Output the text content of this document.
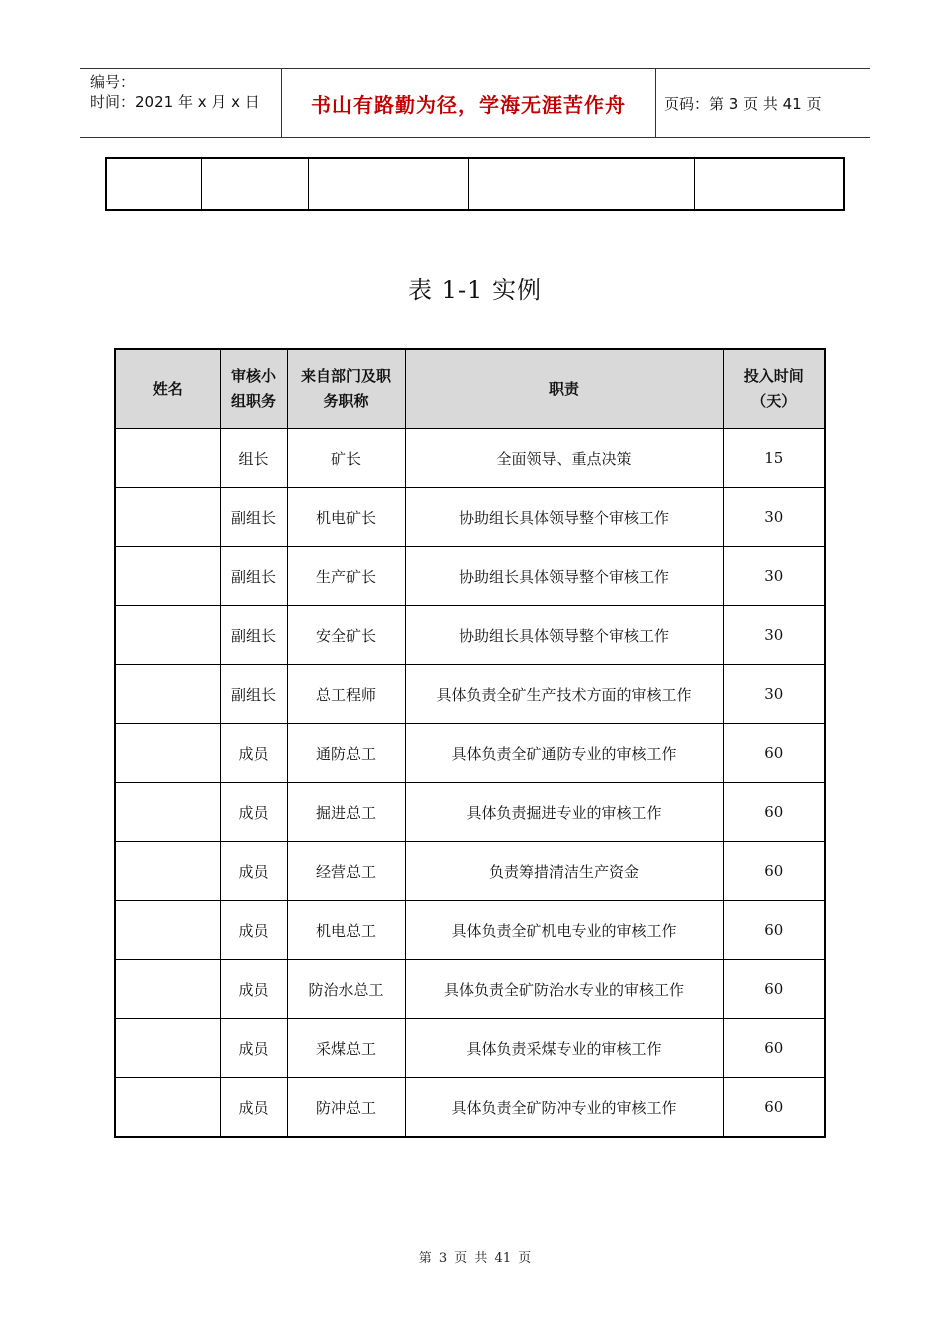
编号：
时间：2021 年 x 月 x 日	书山有路勤为径，学海无涯苦作舟	页码：第 3 页 共 41 页

表 1-1 实例
姓名	审核小组职务	来自部门及职务职称	职责	投入时间（天）
	组长	矿长	全面领导、重点决策	15
	副组长	机电矿长	协助组长具体领导整个审核工作	30
	副组长	生产矿长	协助组长具体领导整个审核工作	30
	副组长	安全矿长	协助组长具体领导整个审核工作	30
	副组长	总工程师	具体负责全矿生产技术方面的审核工作	30
	成员	通防总工	具体负责全矿通防专业的审核工作	60
	成员	掘进总工	具体负责掘进专业的审核工作	60
	成员	经营总工	负责筹措清洁生产资金	60
	成员	机电总工	具体负责全矿机电专业的审核工作	60
	成员	防治水总工	具体负责全矿防治水专业的审核工作	60
	成员	采煤总工	具体负责采煤专业的审核工作	60
	成员	防冲总工	具体负责全矿防冲专业的审核工作	60
第 3 页 共 41 页
